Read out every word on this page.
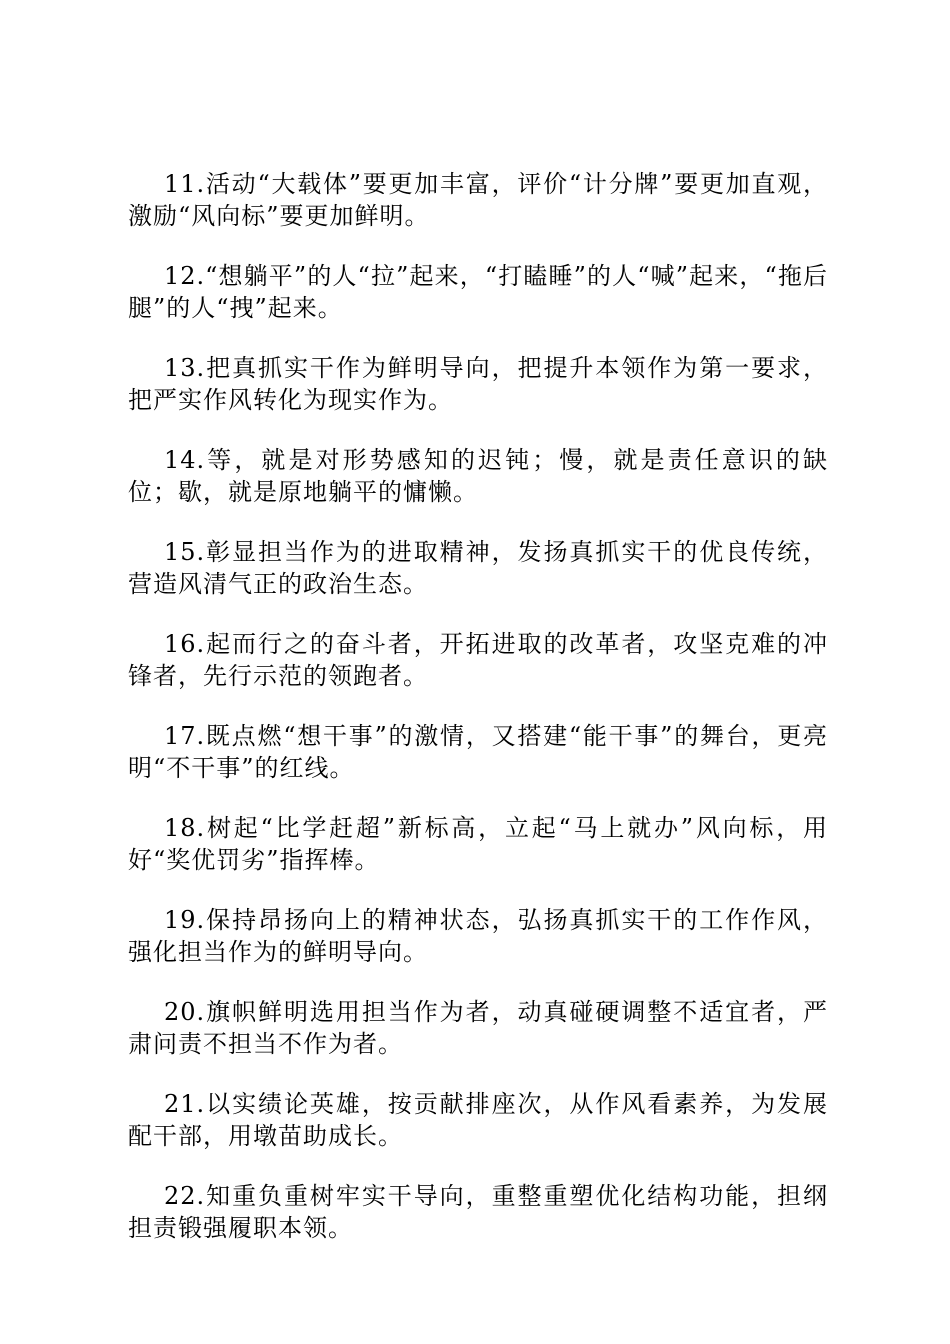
11.活动“大载体”要更加丰富，评价“计分牌”要更加直观，激励“风向标”要更加鲜明。

12.“想躺平”的人“拉”起来，“打瞌睡”的人“喊”起来，“拖后腿”的人“拽”起来。

13.把真抓实干作为鲜明导向，把提升本领作为第一要求，把严实作风转化为现实作为。

14.等，就是对形势感知的迟钝；慢，就是责任意识的缺位；歇，就是原地躺平的慵懒。

15.彰显担当作为的进取精神，发扬真抓实干的优良传统，营造风清气正的政治生态。

16.起而行之的奋斗者，开拓进取的改革者，攻坚克难的冲锋者，先行示范的领跑者。

17.既点燃“想干事”的激情，又搭建“能干事”的舞台，更亮明“不干事”的红线。

18.树起“比学赶超”新标高，立起“马上就办”风向标，用好“奖优罚劣”指挥棒。

19.保持昂扬向上的精神状态，弘扬真抓实干的工作作风，强化担当作为的鲜明导向。

20.旗帜鲜明选用担当作为者，动真碰硬调整不适宜者，严肃问责不担当不作为者。

21.以实绩论英雄，按贡献排座次，从作风看素养，为发展配干部，用墩苗助成长。

22.知重负重树牢实干导向，重整重塑优化结构功能，担纲担责锻强履职本领。
